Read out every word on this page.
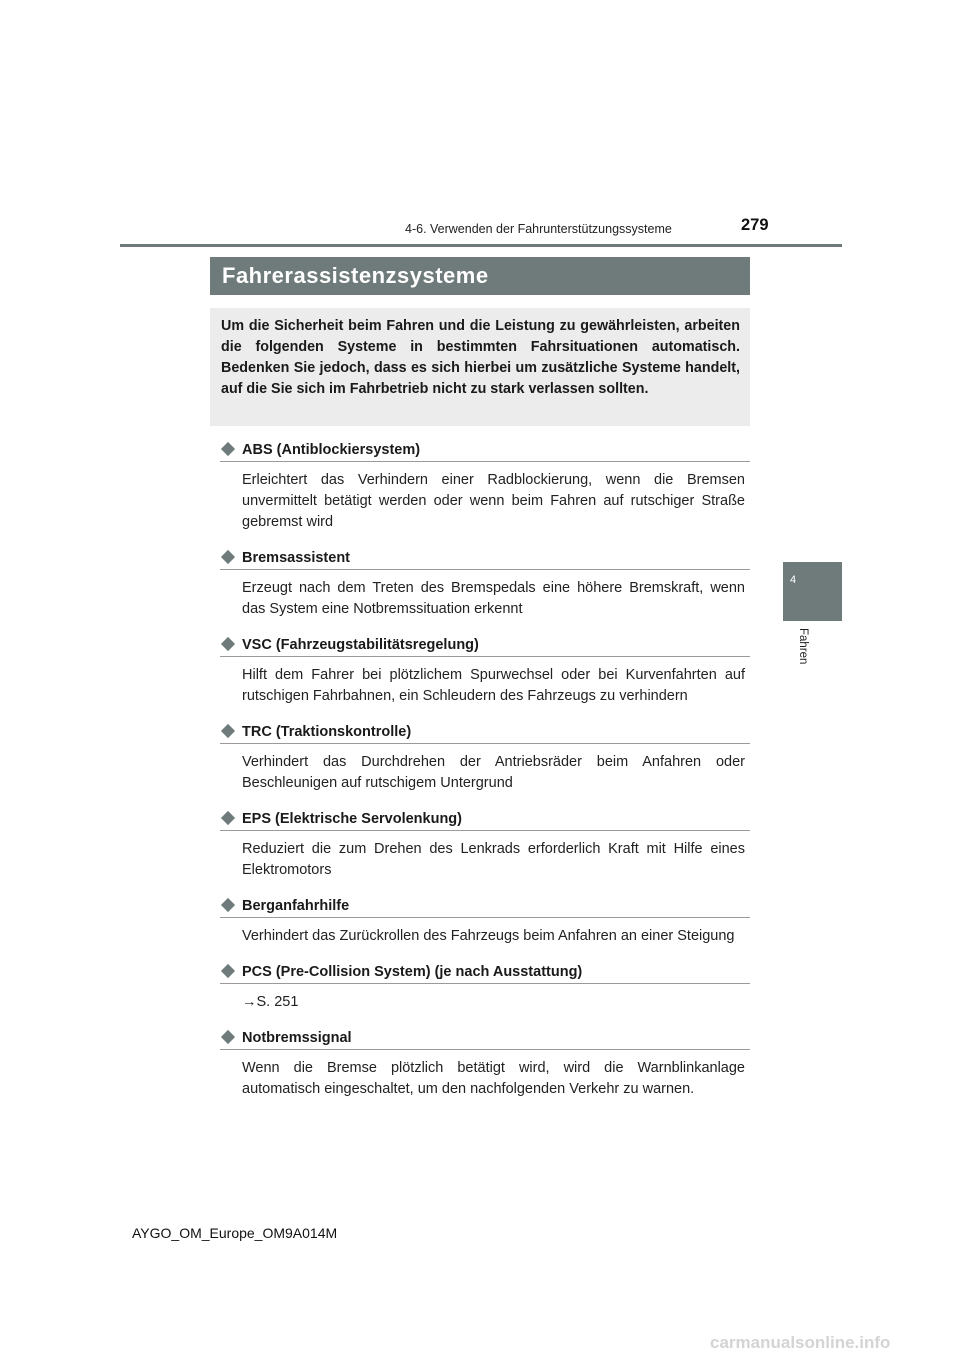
4-6. Verwenden der Fahrunterstützungssysteme	279
4
Fahren
Fahrerassistenzsysteme
Um die Sicherheit beim Fahren und die Leistung zu gewährleisten, arbeiten die folgenden Systeme in bestimmten Fahrsituationen automatisch. Bedenken Sie jedoch, dass es sich hierbei um zusätzliche Systeme handelt, auf die Sie sich im Fahrbetrieb nicht zu stark verlassen sollten.
ABS (Antiblockiersystem)
Erleichtert das Verhindern einer Radblockierung, wenn die Bremsen unvermittelt betätigt werden oder wenn beim Fahren auf rutschiger Straße gebremst wird
Bremsassistent
Erzeugt nach dem Treten des Bremspedals eine höhere Bremskraft, wenn das System eine Notbremssituation erkennt
VSC (Fahrzeugstabilitätsregelung)
Hilft dem Fahrer bei plötzlichem Spurwechsel oder bei Kurvenfahrten auf rutschigen Fahrbahnen, ein Schleudern des Fahrzeugs zu verhindern
TRC (Traktionskontrolle)
Verhindert das Durchdrehen der Antriebsräder beim Anfahren oder Beschleunigen auf rutschigem Untergrund
EPS (Elektrische Servolenkung)
Reduziert die zum Drehen des Lenkrads erforderlich Kraft mit Hilfe eines Elektromotors
Berganfahrhilfe
Verhindert das Zurückrollen des Fahrzeugs beim Anfahren an einer Steigung
PCS (Pre-Collision System) (je nach Ausstattung)
→S. 251
Notbremssignal
Wenn die Bremse plötzlich betätigt wird, wird die Warnblinkanlage automatisch eingeschaltet, um den nachfolgenden Verkehr zu warnen.
AYGO_OM_Europe_OM9A014M
carmanualsonline.info
